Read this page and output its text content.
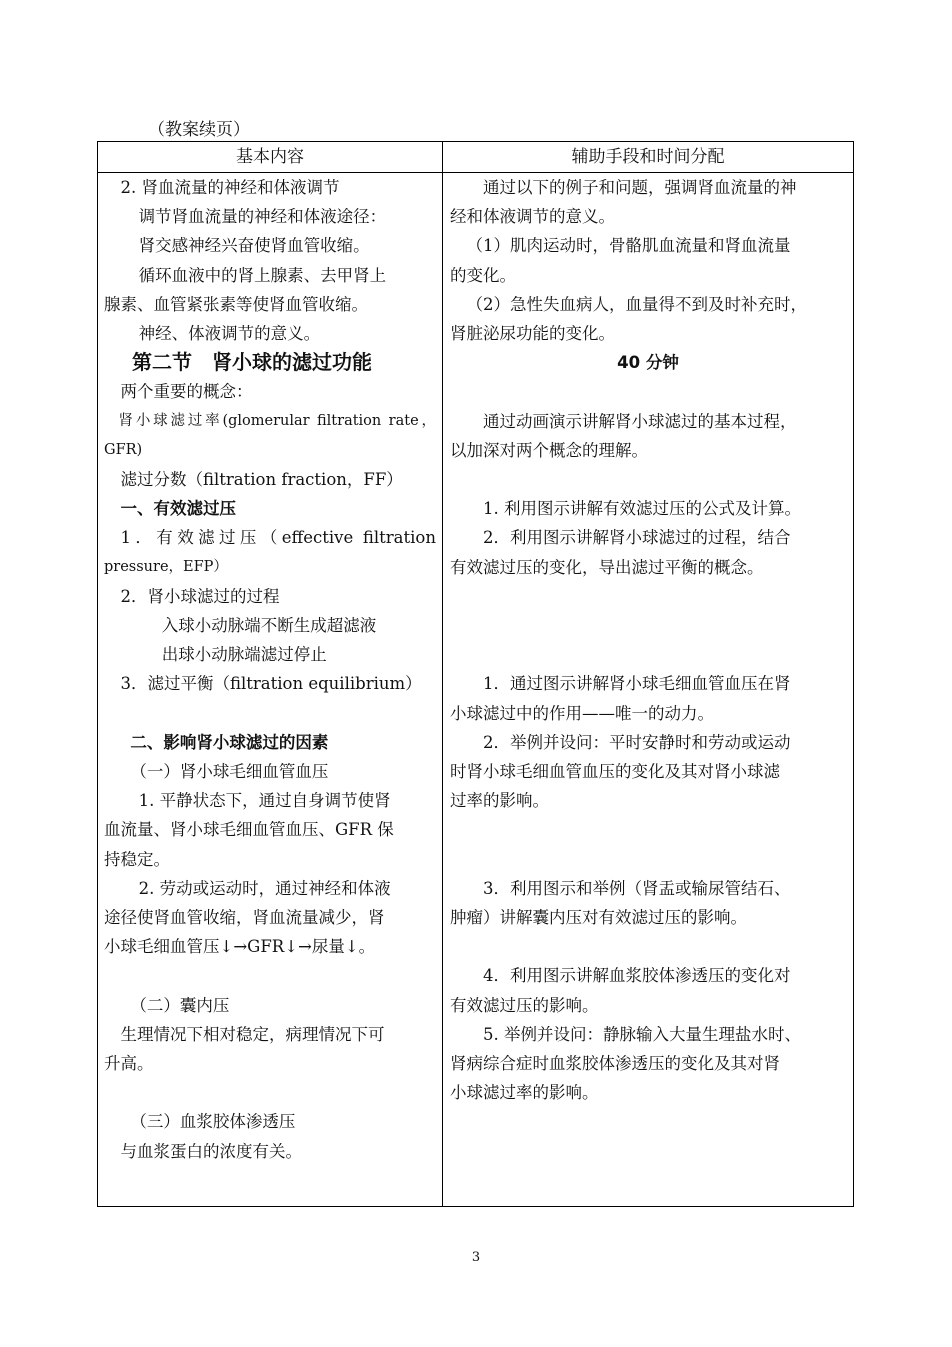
（教案续页）
基本内容	辅助手段和时间分配

2. 肾血流量的神经和体液调节

调节肾血流量的神经和体液途径：

肾交感神经兴奋使肾血管收缩。

循环血液中的肾上腺素、去甲肾上

腺素、血管紧张素等使肾血管收缩。

神经、体液调节的意义。

第二节　肾小球的滤过功能

两个重要的概念：

肾小球滤过率(glomerular filtration rate，

GFR)

滤过分数（filtration fraction，FF）

一、有效滤过压

1．有效滤过压（effective filtration

pressure，EFP）

2．肾小球滤过的过程

入球小动脉端不断生成超滤液

出球小动脉端滤过停止

3．滤过平衡（filtration equilibrium）

二、影响肾小球滤过的因素

（一）肾小球毛细血管血压

1. 平静状态下，通过自身调节使肾

血流量、肾小球毛细血管血压、GFR 保

持稳定。

2. 劳动或运动时，通过神经和体液

途径使肾血管收缩，肾血流量减少，肾

小球毛细血管压↓→GFR↓→尿量↓。

（二）囊内压

生理情况下相对稳定，病理情况下可

升高。

（三）血浆胶体渗透压

与血浆蛋白的浓度有关。

通过以下的例子和问题，强调肾血流量的神

经和体液调节的意义。

（1）肌肉运动时，骨骼肌血流量和肾血流量

的变化。

（2）急性失血病人，血量得不到及时补充时，

肾脏泌尿功能的变化。

40 分钟

通过动画演示讲解肾小球滤过的基本过程，

以加深对两个概念的理解。

1. 利用图示讲解有效滤过压的公式及计算。

2．利用图示讲解肾小球滤过的过程，结合

有效滤过压的变化，导出滤过平衡的概念。

1．通过图示讲解肾小球毛细血管血压在肾

小球滤过中的作用——唯一的动力。

2．举例并设问：平时安静时和劳动或运动

时肾小球毛细血管血压的变化及其对肾小球滤

过率的影响。

3．利用图示和举例（肾盂或输尿管结石、

肿瘤）讲解囊内压对有效滤过压的影响。

4．利用图示讲解血浆胶体渗透压的变化对

有效滤过压的影响。

5. 举例并设问：静脉输入大量生理盐水时、

肾病综合症时血浆胶体渗透压的变化及其对肾

小球滤过率的影响。

3
